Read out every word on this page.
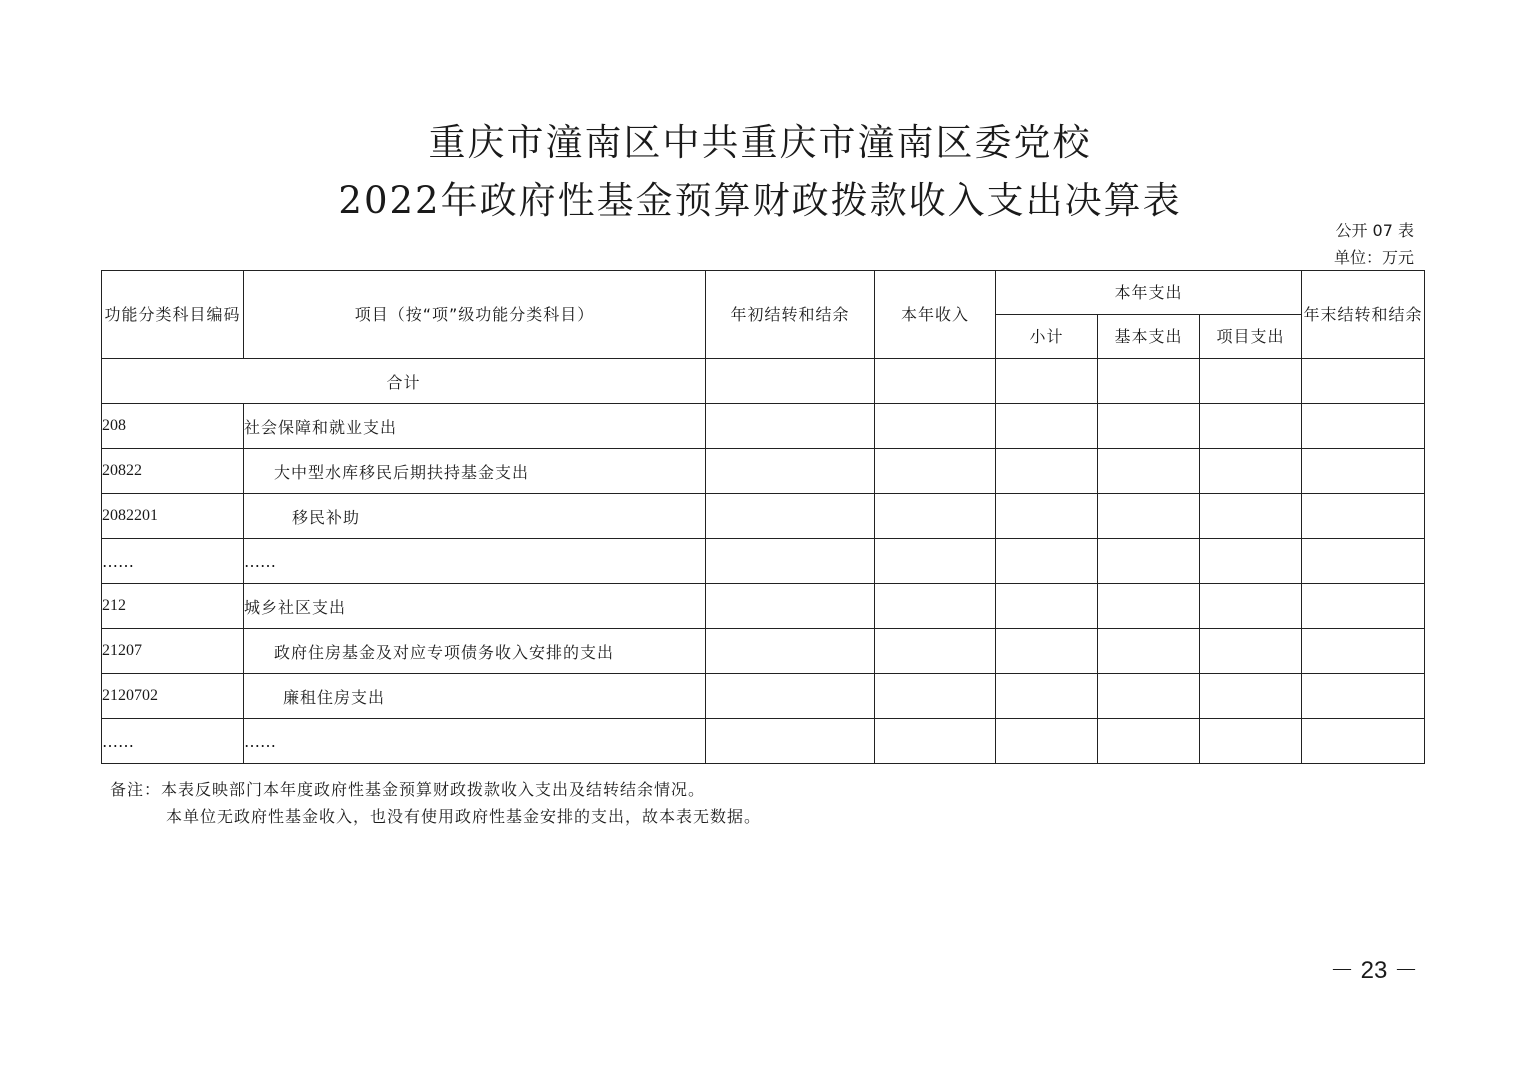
重庆市潼南区中共重庆市潼南区委党校
2022年政府性基金预算财政拨款收入支出决算表
公开 07 表
单位：万元
功能分类科目编码	项目（按“项”级功能分类科目）	年初结转和结余	本年收入	本年支出			年末结转和结余
				小计	基本支出	项目支出	
合计							
208	社会保障和就业支出						
20822	大中型水库移民后期扶持基金支出						
2082201	移民补助						
……	……						
212	城乡社区支出						
21207	政府住房基金及对应专项债务收入安排的支出						
2120702	廉租住房支出						
……	……						
备注：本表反映部门本年度政府性基金预算财政拨款收入支出及结转结余情况。
本单位无政府性基金收入，也没有使用政府性基金安排的支出，故本表无数据。
－ 23 －
